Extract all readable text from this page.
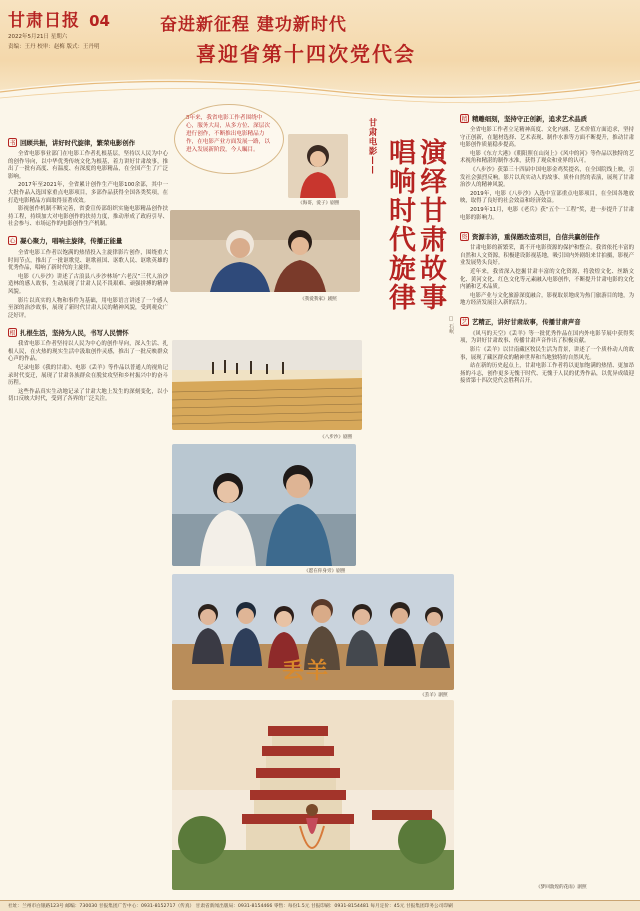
甘肃日报 04
2022年5月21日 星期六
责编：王丹 校审：赵梅 版式：王丹明
奋进新征程 建功新时代
喜迎省第十四次党代会
书 回顾共振，讲好时代旋律，繁荣电影创作

全省电影事业部门在电影工作者扎根基层，坚持以人民为中心的创作导向，以中华优秀传统文化为根基，着力讲好甘肃故事，推出了一批有高度、有温度、有深度的电影精品，在全国产生了广泛影响。

2017年至2021年，全省累计创作生产电影100余部，其中一大批作品入选国家重点电影项目，多部作品获得全国各类奖项，在打造电影精品方面取得显著成效。

影视创作机制不断完善，省委宣传部组织实施电影精品创作扶持工程，持续加大对电影创作的扶持力度，推动形成了政府引导、社会参与、市场运作的电影创作生产机制。

心 凝心聚力，唱响主旋律，传播正能量

全省电影工作者以饱满的热情投入主旋律影片创作，围绕重大时间节点，推出了一批讴歌党、讴歌祖国、讴歌人民、讴歌英雄的优秀作品，唱响了新时代的主旋律。

电影《八步沙》讲述了古浪县八步沙林场“六老汉”三代人治沙造林的感人故事，生动展现了甘肃人民不畏艰难、顽强拼搏的精神风貌。

影片以真实的人物和事件为基础，用电影语言讲述了一个感人至深的治沙故事，展现了新时代甘肃人民的精神风貌，受到观众广泛好评。

根 扎根生活，坚持为人民，书写人民情怀

我省电影工作者坚持以人民为中心的创作导向，深入生活、扎根人民，在火热的现实生活中汲取创作灵感，推出了一批反映群众心声的作品。

纪录电影《我的甘肃》、电影《丢羊》等作品以普通人的视角记录时代变迁，展现了甘肃各族群众在脱贫攻坚和乡村振兴中的奋斗历程。

这些作品真实生动地记录了甘肃大地上发生的深刻变化，以小切口反映大时代，受到了各界的广泛关注。

5年来，我省电影工作者围绕中心，服务大局，从多方位、深层次进行创作，不断推出电影精品力作，在电影产业方面发展一路，以进入发展新阶段，今人瞩目。
《海哥，爱子》剧照
《我爱我家》剧照
《八步沙》剧照
《愿在你身旁》剧照
丢羊
《丢羊》剧照
《梦回敦煌的花雨》剧照
甘肃电影——	演绎甘肃故事 唱响时代旋律
□ 石岷
精 精雕细刻，坚持守正创新，追求艺术品质

全省电影工作者立足精神高度、文化内涵、艺术价值方面追求，坚持守正创新，在题材选择、艺术表现、制作水准等方面不断提升，推动甘肃电影创作质量稳步提高。

电影《东方大港》《朝阳照在山岗上》《风中的河》等作品以独特的艺术视角和精湛的制作水准，获得了观众和业界的认可。

《八步沙》获第三十四届中国电影金鸡奖提名，在全国院线上映，引发社会强烈反响。影片以真实动人的故事、质朴自然的表演，展现了甘肃治沙人的精神风貌。

2019年，电影《八步沙》入选中宣部重点电影项目，在全国各地放映，取得了良好的社会效益和经济效益。

2019年11月，电影《老兵》获“五个一工程”奖，进一步提升了甘肃电影的影响力。

资 资源丰沛，重保题改造项目，自信共赢创佳作

甘肃电影的新繁荣，离不开电影资源的保护和整合。我省依托丰富的自然和人文资源，积极建设影视基地，吸引国内外剧组来甘拍摄，影视产业发展势头良好。

近年来，我省深入挖掘甘肃丰富的文化资源，将敦煌文化、丝路文化、黄河文化、红色文化等元素融入电影创作，不断提升甘肃电影的文化内涵和艺术品质。

电影产业与文化旅游深度融合，影视取景地成为热门旅游目的地，为地方经济发展注入新的活力。

艺 艺精正，讲好甘肃故事，传播甘肃声音

《风马的天空》《丢羊》等一批优秀作品在国内外电影节展中获得奖项，为讲好甘肃故事、传播甘肃声音作出了积极贡献。

影片《丢羊》以甘南藏区牧民生活为背景，讲述了一个质朴动人的故事，展现了藏区群众的精神世界和当地独特的自然风光。

站在新的历史起点上，甘肃电影工作者将以更加饱满的热情、更加昂扬的斗志，创作更多无愧于时代、无愧于人民的优秀作品，以优异成绩迎接省第十四次党代会胜利召开。

社址：兰州市白银路123号 邮编：730030 甘报集团广告中心：0931-8152717（传真） 甘肃省新闻出版局：0931-8154466 零售：每份1.5元 甘报印刷：0931-8154481 每月定价：45元 甘报集团印务公司印刷
